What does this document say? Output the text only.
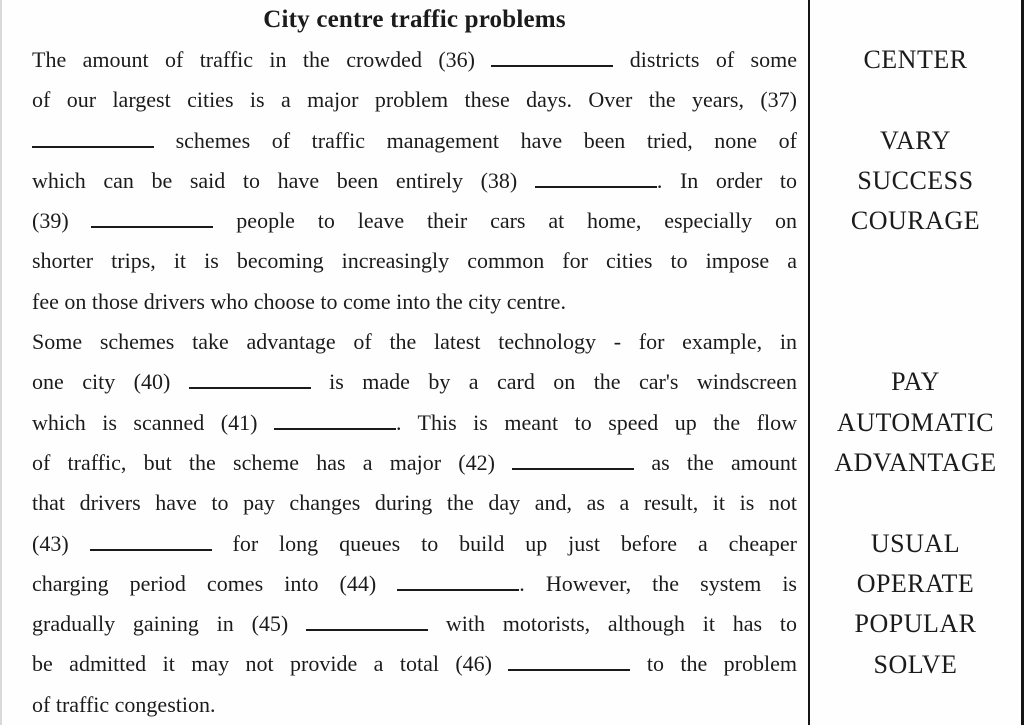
City centre traffic problems
The amount of traffic in the crowded (36)	districts of some
of our largest cities is a major problem these days. Over the years, (37)
schemes of traffic management have been tried, none of
which can be said to have been entirely (38)	. In order to
(39)	people to leave their cars at home, especially on
shorter trips, it is becoming increasingly common for cities to impose a
fee on those drivers who choose to come into the city centre.
Some schemes take advantage of the latest technology - for example, in
one city (40)	is made by a card on the car's windscreen
which is scanned (41)	. This is meant to speed up the flow
of traffic, but the scheme has a major (42)	as the amount
that drivers have to pay changes during the day and, as a result, it is not
(43)	for long queues to build up just before a cheaper
charging period comes into (44)	. However, the system is
gradually gaining in (45)	with motorists, although it has to
be admitted it may not provide a total (46)	to the problem
of traffic congestion.
CENTER
VARY
SUCCESS
COURAGE
PAY
AUTOMATIC
ADVANTAGE
USUAL
OPERATE
POPULAR
SOLVE
